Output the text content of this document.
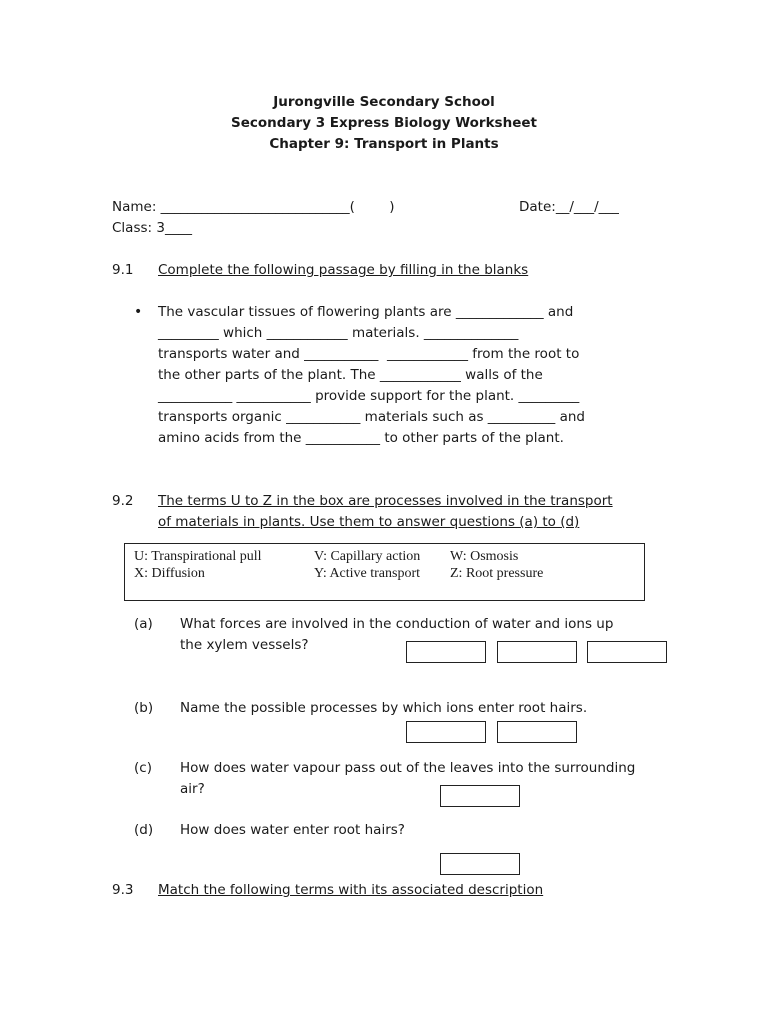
Jurongville Secondary School
Secondary 3 Express Biology Worksheet
Chapter 9: Transport in Plants
Name: ____________________________(        )	Date:__/___/___
Class: 3____
9.1 Complete the following passage by filling in the blanks
• The vascular tissues of flowering plants are _____________ and
_________ which ____________ materials. ______________
transports water and ___________  ____________ from the root to
the other parts of the plant. The ____________ walls of the
___________ ___________ provide support for the plant. _________
transports organic ___________ materials such as __________ and
amino acids from the ___________ to other parts of the plant.
9.2 The terms U to Z in the box are processes involved in the transport
of materials in plants. Use them to answer questions (a) to (d)
U: Transpirational pull	V: Capillary action W: Osmosis
X: Diffusion	Y: Active transport Z: Root pressure
(a) What forces are involved in the conduction of water and ions up
the xylem vessels?
(b) Name the possible processes by which ions enter root hairs.
(c) How does water vapour pass out of the leaves into the surrounding
air?
(d) How does water enter root hairs?
9.3 Match the following terms with its associated description
